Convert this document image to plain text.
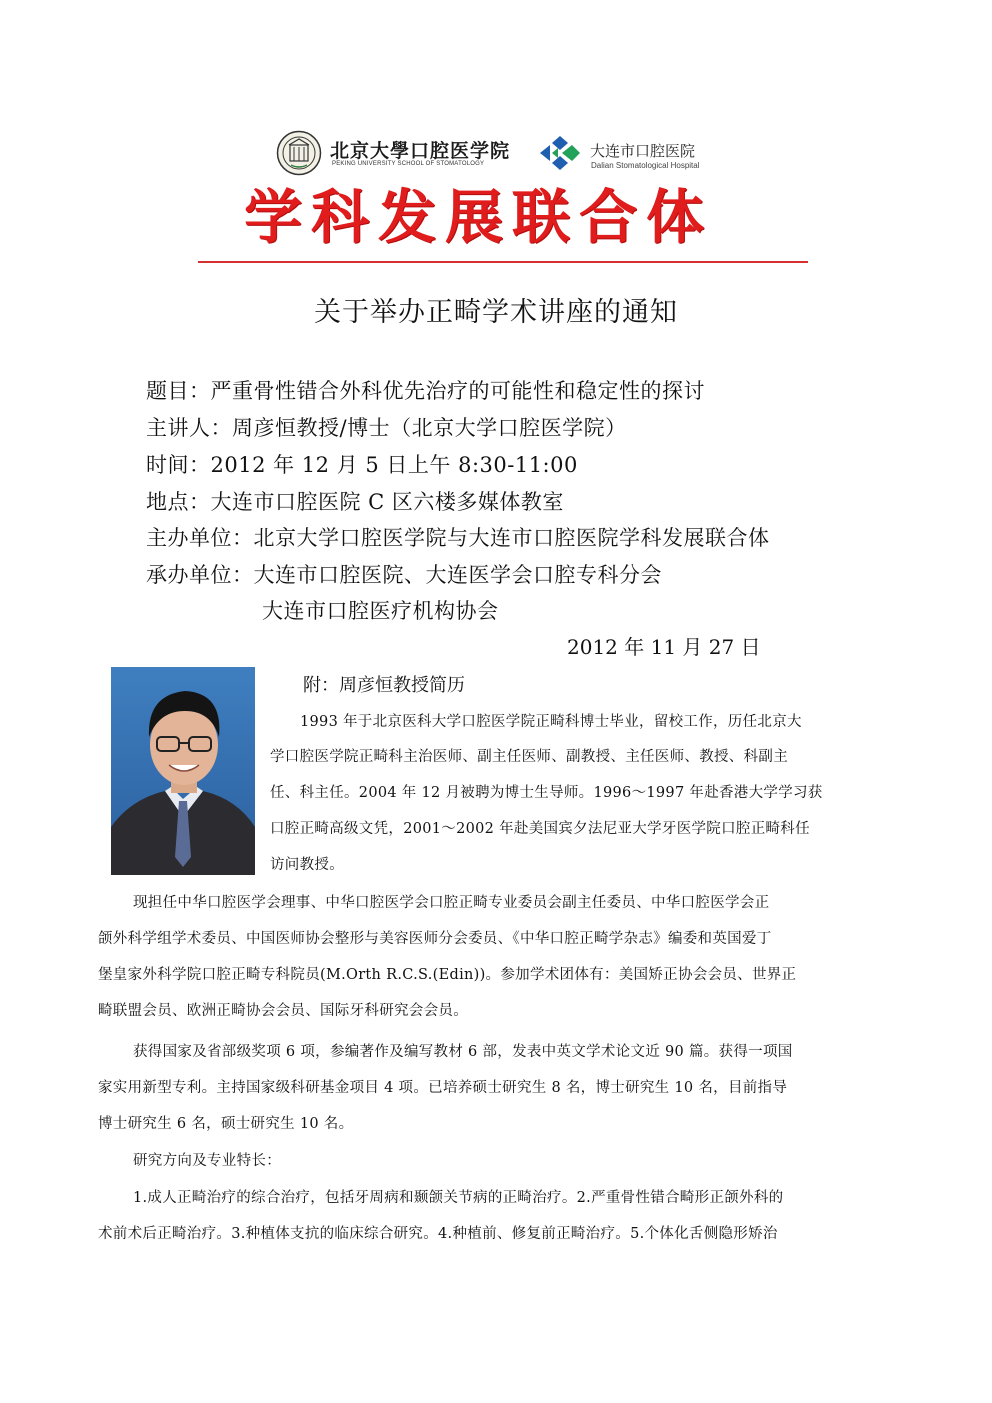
北京大學口腔医学院
PEKING UNIVERSITY SCHOOL OF STOMATOLOGY
大连市口腔医院
Dalian Stomatological Hospital
学科发展联合体
关于举办正畸学术讲座的通知
题目：严重骨性错合外科优先治疗的可能性和稳定性的探讨
主讲人：周彦恒教授/博士（北京大学口腔医学院）
时间：2012 年 12 月 5 日上午 8:30-11:00
地点：大连市口腔医院 C 区六楼多媒体教室
主办单位：北京大学口腔医学院与大连市口腔医院学科发展联合体
承办单位：大连市口腔医院、大连医学会口腔专科分会
大连市口腔医疗机构协会
2012 年 11 月 27 日
附：周彦恒教授简历
1993 年于北京医科大学口腔医学院正畸科博士毕业，留校工作，历任北京大
学口腔医学院正畸科主治医师、副主任医师、副教授、主任医师、教授、科副主
任、科主任。2004 年 12 月被聘为博士生导师。1996～1997 年赴香港大学学习获
口腔正畸高级文凭，2001～2002 年赴美国宾夕法尼亚大学牙医学院口腔正畸科任
访问教授。
现担任中华口腔医学会理事、中华口腔医学会口腔正畸专业委员会副主任委员、中华口腔医学会正
颌外科学组学术委员、中国医师协会整形与美容医师分会委员、《中华口腔正畸学杂志》编委和英国爱丁
堡皇家外科学院口腔正畸专科院员(M.Orth R.C.S.(Edin))。参加学术团体有：美国矫正协会会员、世界正
畸联盟会员、欧洲正畸协会会员、国际牙科研究会会员。
获得国家及省部级奖项 6 项，参编著作及编写教材 6 部，发表中英文学术论文近 90 篇。获得一项国
家实用新型专利。主持国家级科研基金项目 4 项。已培养硕士研究生 8 名，博士研究生 10 名，目前指导
博士研究生 6 名，硕士研究生 10 名。
研究方向及专业特长：
1.成人正畸治疗的综合治疗，包括牙周病和颞颌关节病的正畸治疗。2.严重骨性错合畸形正颌外科的
术前术后正畸治疗。3.种植体支抗的临床综合研究。4.种植前、修复前正畸治疗。5.个体化舌侧隐形矫治
